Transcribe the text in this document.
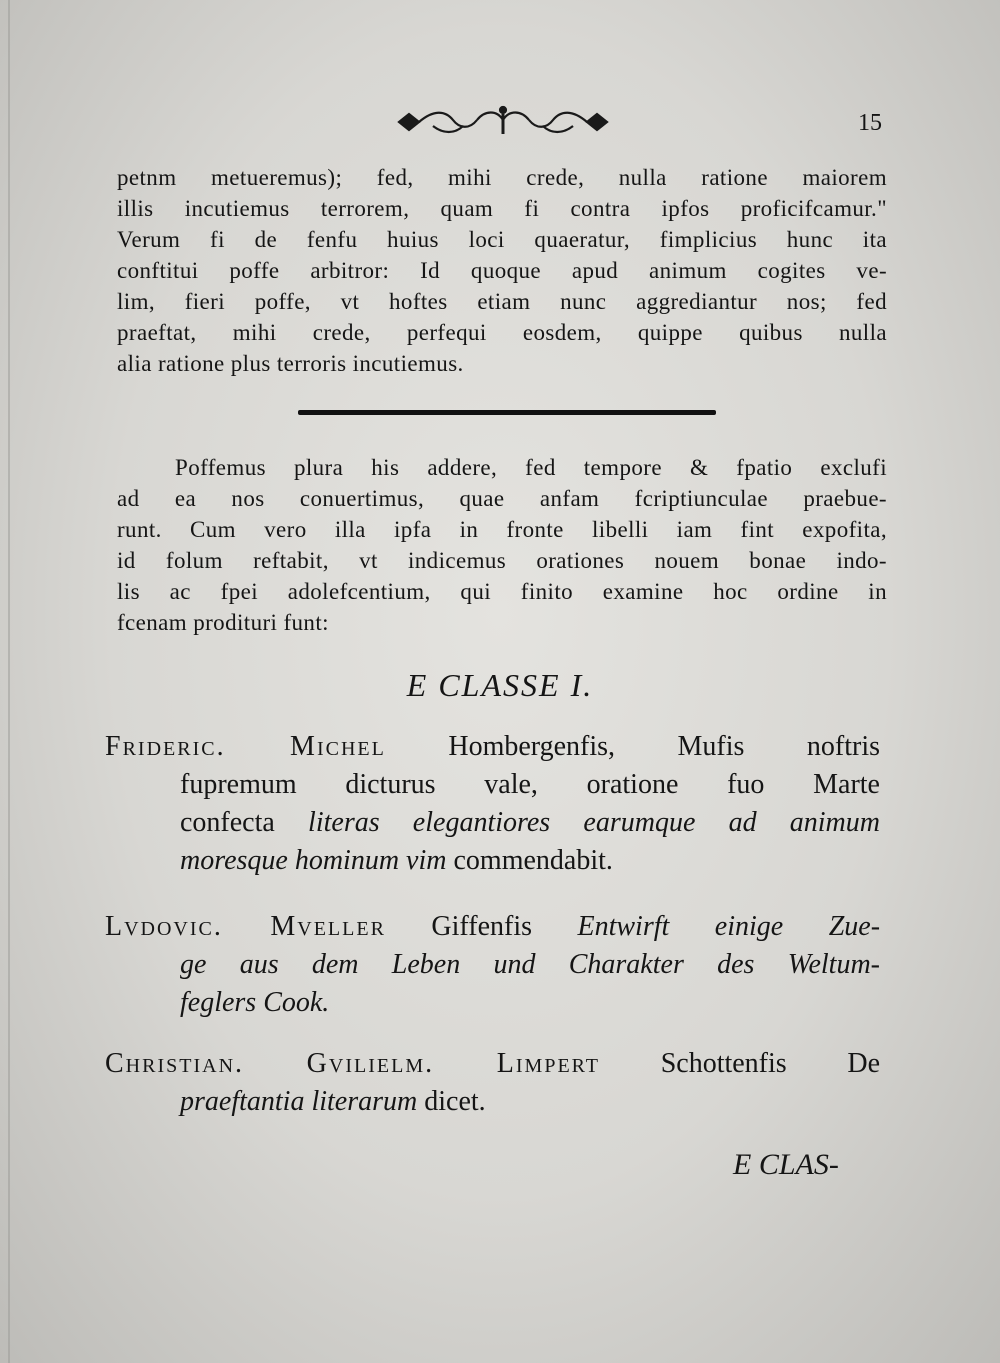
15

petnm metueremus); fed, mihi crede, nulla ratione maiorem
illis incutiemus terrorem, quam fi contra ipfos proficifcamur."
Verum fi de fenfu huius loci quaeratur, fimplicius hunc ita
conftitui poffe arbitror: Id quoque apud animum cogites ve-
lim, fieri poffe, vt hoftes etiam nunc aggrediantur nos; fed
praeftat, mihi crede, perfequi eosdem, quippe quibus nulla
alia ratione plus terroris incutiemus.

Poffemus plura his addere, fed tempore & fpatio exclufi
ad ea nos conuertimus, quae anfam fcriptiunculae praebue-
runt. Cum vero illa ipfa in fronte libelli iam fint expofita,
id folum reftabit, vt indicemus orationes nouem bonae indo-
lis ac fpei adolefcentium, qui finito examine hoc ordine in
fcenam prodituri funt:

E CLASSE I.
Frideric. Michel Hombergenfis, Mufis noftris
fupremum dicturus vale, oratione fuo Marte
confecta literas elegantiores earumque ad animum
moresque hominum vim commendabit.
Lvdovic. Mveller Giffenfis Entwirft einige Zue-
ge aus dem Leben und Charakter des Weltum-
feglers Cook.
Christian. Gvilielm. Limpert Schottenfis De
praeftantia literarum dicet.
E CLAS-
